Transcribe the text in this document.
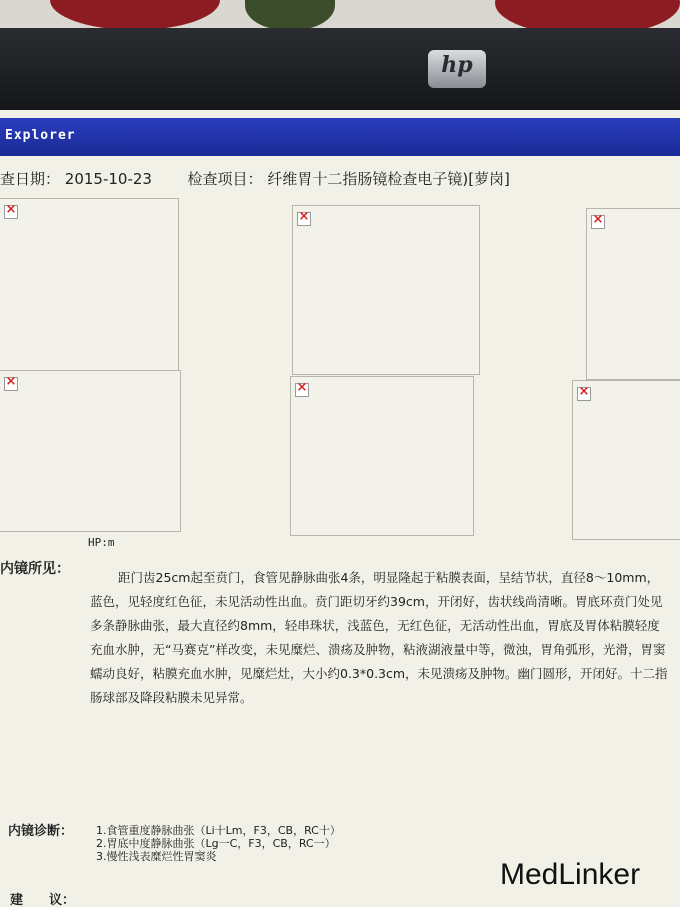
hp
Explorer
查日期： 2015-10-23 检查项目： 纤维胃十二指肠镜检查电子镜)[萝岗]
×
×
×
×
×
×
HP:m
内镜所见：
距门齿25cm起至贲门，食管见静脉曲张4条，明显隆起于粘膜表面，呈结节状，直径8～10mm，蓝色，见轻度红色征，未见活动性出血。贲门距切牙约39cm，开闭好，齿状线尚清晰。胃底环贲门处见多条静脉曲张，最大直径约8mm，轻串珠状，浅蓝色，无红色征，无活动性出血，胃底及胃体粘膜轻度充血水肿，无“马赛克”样改变，未见糜烂、溃疡及肿物，粘液湖液量中等，微浊，胃角弧形，光滑，胃窦蠕动良好，粘膜充血水肿，见糜烂灶，大小约0.3*0.3cm，未见溃疡及肿物。幽门圆形，开闭好。十二指肠球部及降段粘膜未见异常。
内镜诊断： 1.食管重度静脉曲张（Li十Lm，F3，CB，RC十）
2.胃底中度静脉曲张（Lg一C，F3，CB，RC一）
3.慢性浅表糜烂性胃窦炎
建　　议：
MedLinker
